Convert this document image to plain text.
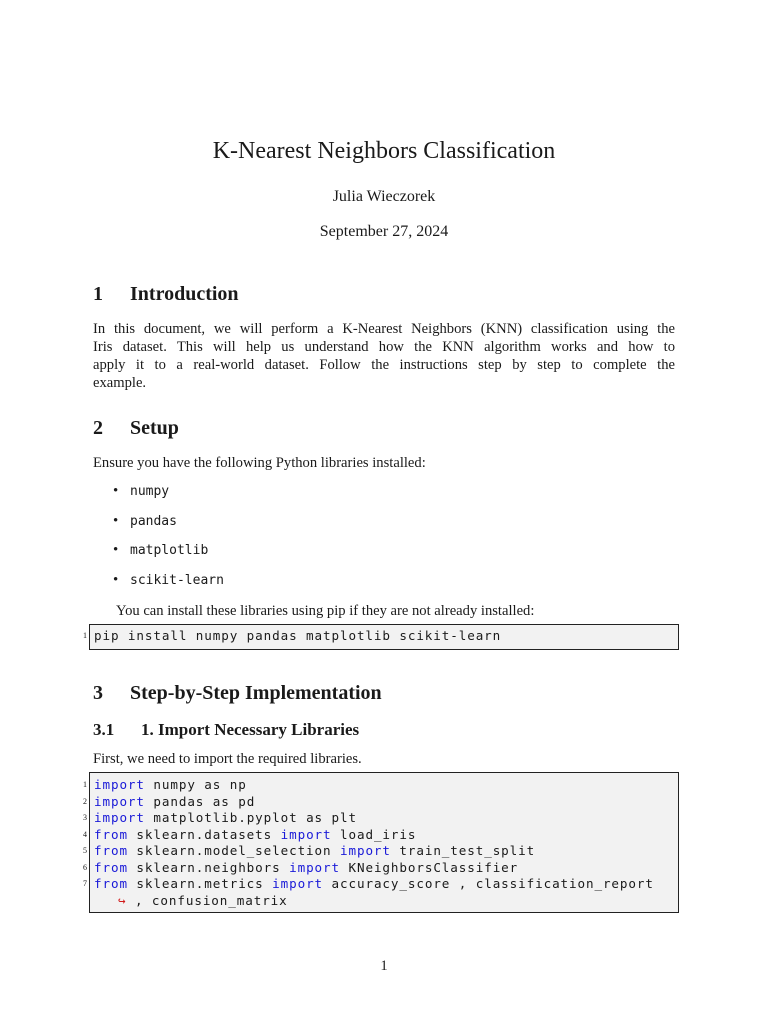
K-Nearest Neighbors Classification
Julia Wieczorek
September 27, 2024
1 Introduction
In this document, we will perform a K-Nearest Neighbors (KNN) classification using the
Iris dataset. This will help us understand how the KNN algorithm works and how to
apply it to a real-world dataset. Follow the instructions step by step to complete the
example.
2 Setup
Ensure you have the following Python libraries installed:
• numpy
• pandas
• matplotlib
• scikit-learn
You can install these libraries using pip if they are not already installed:
1 pip install numpy pandas matplotlib scikit-learn
3 Step-by-Step Implementation
3.1 1. Import Necessary Libraries
First, we need to import the required libraries.
1 import numpy as np
2 import pandas as pd
3 import matplotlib.pyplot as plt
4 from sklearn.datasets import load_iris
5 from sklearn.model_selection import train_test_split
6 from sklearn.neighbors import KNeighborsClassifier
7 from sklearn.metrics import accuracy_score , classification_report
↪ , confusion_matrix
1
